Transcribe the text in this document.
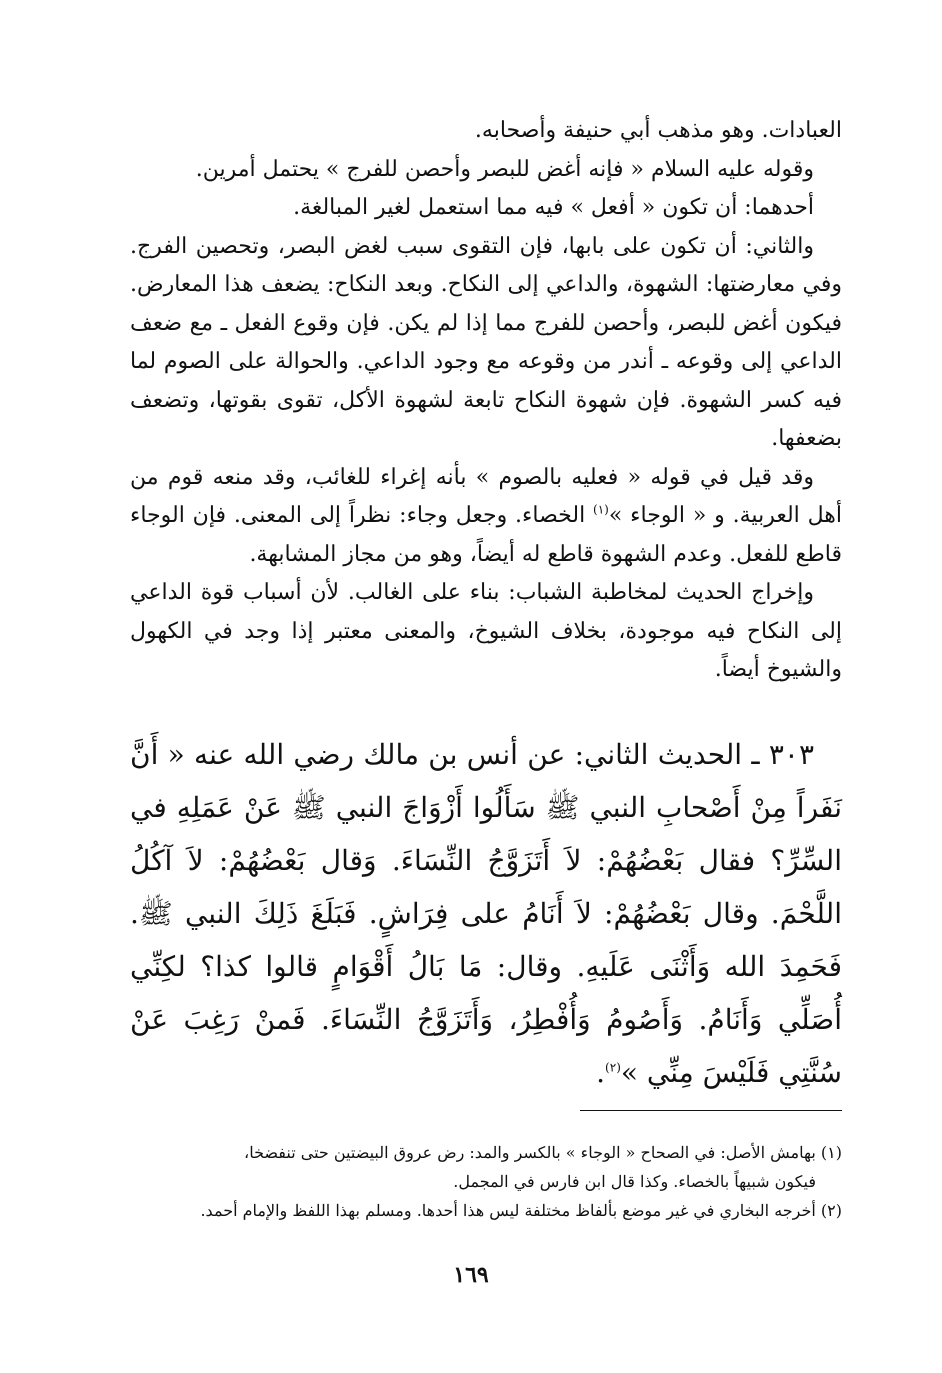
العبادات. وهو مذهب أبي حنيفة وأصحابه.

وقوله عليه السلام « فإنه أغض للبصر وأحصن للفرج » يحتمل أمرين.

أحدهما: أن تكون « أفعل » فيه مما استعمل لغير المبالغة.

والثاني: أن تكون على بابها، فإن التقوى سبب لغض البصر، وتحصين الفرج. وفي معارضتها: الشهوة، والداعي إلى النكاح. وبعد النكاح: يضعف هذا المعارض. فيكون أغض للبصر، وأحصن للفرج مما إذا لم يكن. فإن وقوع الفعل ـ مع ضعف الداعي إلى وقوعه ـ أندر من وقوعه مع وجود الداعي. والحوالة على الصوم لما فيه كسر الشهوة. فإن شهوة النكاح تابعة لشهوة الأكل، تقوى بقوتها، وتضعف بضعفها.

وقد قيل في قوله « فعليه بالصوم » بأنه إغراء للغائب، وقد منعه قوم من أهل العربية. و « الوجاء »$^{(١)}$ الخصاء. وجعل وجاء: نظراً إلى المعنى. فإن الوجاء قاطع للفعل. وعدم الشهوة قاطع له أيضاً، وهو من مجاز المشابهة.

وإخراج الحديث لمخاطبة الشباب: بناء على الغالب. لأن أسباب قوة الداعي إلى النكاح فيه موجودة، بخلاف الشيوخ، والمعنى معتبر إذا وجد في الكهول والشيوخ أيضاً.

٣٠٣ ـ الحديث الثاني: عن أنس بن مالك رضي الله عنه « أَنَّ نَفَراً مِنْ أَصْحابِ النبي ﷺ سَأَلُوا أَزْوَاجَ النبي ﷺ عَنْ عَمَلِهِ في السِّرِّ؟ فقال بَعْضُهُمْ: لاَ أَتَزَوَّجُ النِّسَاءَ. وَقال بَعْضُهُمْ: لاَ آكُلُ اللَّحْمَ. وقال بَعْضُهُمْ: لاَ أَنَامُ على فِرَاشٍ. فَبَلَغَ ذَلِكَ النبي ﷺ. فَحَمِدَ الله وَأَثْنَى عَلَيهِ. وقال: مَا بَالُ أَقْوَامٍ قالوا كذا؟ لكِنِّي أُصَلِّي وَأَنَامُ. وَأَصُومُ وَأُفْطِرُ، وَأَتَزَوَّجُ النِّسَاءَ. فَمنْ رَغِبَ عَنْ سُنَّتِي فَلَيْسَ مِنِّي »$^{(٢)}$.

(١) بهامش الأصل: في الصحاح « الوجاء » بالكسر والمد: رض عروق البيضتين حتى تنفضخا،

فيكون شبيهاً بالخصاء. وكذا قال ابن فارس في المجمل.

(٢) أخرجه البخاري في غير موضع بألفاظ مختلفة ليس هذا أحدها. ومسلم بهذا اللفظ والإمام أحمد.

١٦٩
